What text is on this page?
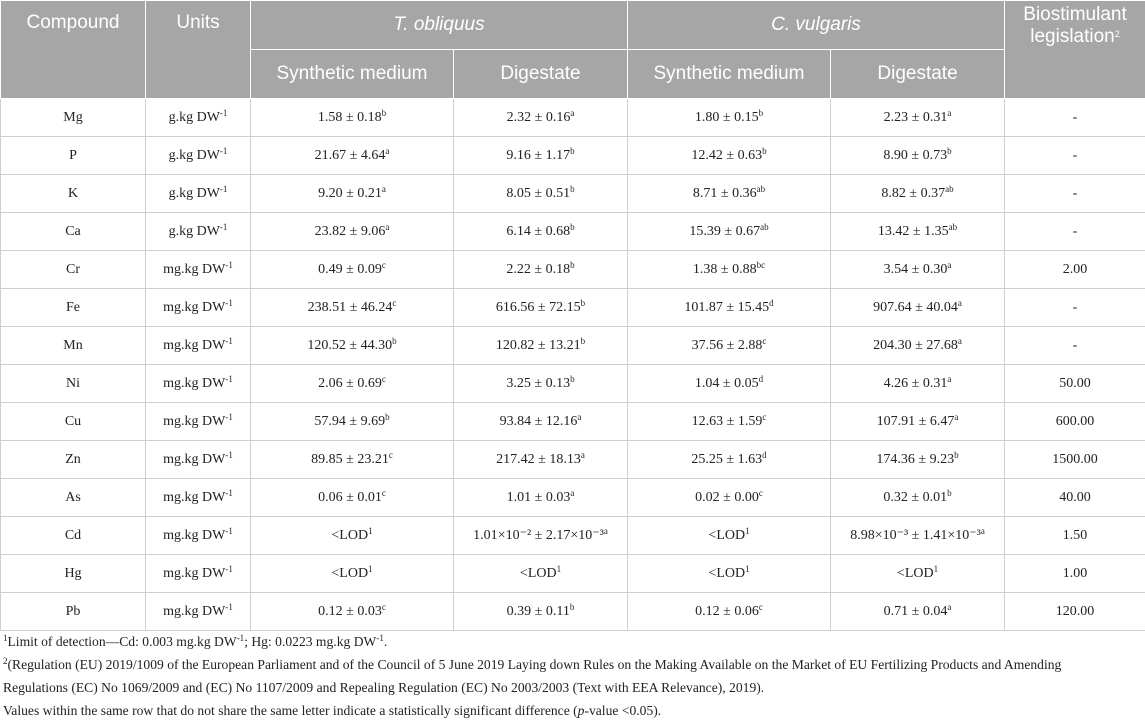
Compound	Units	T. obliquus		C. vulgaris		Biostimulant legislation$^2$

		Synthetic medium	Digestate	Synthetic medium	Digestate	
Mg	g.kg $DW^{-1}$	1.58 ± 0.18$^b$	2.32 ± 0.16$^a$	1.80 ± 0.15$^b$	2.23 ± 0.31$^a$	-
P	g.kg $DW^{-1}$	21.67 ± 4.64$^a$	9.16 ± 1.17$^b$	12.42 ± 0.63$^b$	8.90 ± 0.73$^b$	-
K	g.kg $DW^{-1}$	9.20 ± 0.21$^a$	8.05 ± 0.51$^b$	8.71 ± 0.36$^{ab}$	8.82 ± 0.37$^{ab}$	-
Ca	g.kg $DW^{-1}$	23.82 ± 9.06$^a$	6.14 ± 0.68$^b$	15.39 ± 0.67$^{ab}$	13.42 ± 1.35$^{ab}$	-
Cr	mg.kg $DW^{-1}$	0.49 ± 0.09$^c$	2.22 ± 0.18$^b$	1.38 ± 0.88$^{bc}$	3.54 ± 0.30$^a$	2.00
Fe	mg.kg $DW^{-1}$	238.51 ± 46.24$^c$	616.56 ± 72.15$^b$	101.87 ± 15.45$^d$	907.64 ± 40.04$^a$	-
Mn	mg.kg $DW^{-1}$	120.52 ± 44.30$^b$	120.82 ± 13.21$^b$	37.56 ± 2.88$^c$	204.30 ± 27.68$^a$	-
Ni	mg.kg $DW^{-1}$	2.06 ± 0.69$^c$	3.25 ± 0.13$^b$	1.04 ± 0.05$^d$	4.26 ± 0.31$^a$	50.00
Cu	mg.kg $DW^{-1}$	57.94 ± 9.69$^b$	93.84 ± 12.16$^a$	12.63 ± 1.59$^c$	107.91 ± 6.47$^a$	600.00
Zn	mg.kg $DW^{-1}$	89.85 ± 23.21$^c$	217.42 ± 18.13$^a$	25.25 ± 1.63$^d$	174.36 ± 9.23$^b$	1500.00
As	mg.kg $DW^{-1}$	0.06 ± 0.01$^c$	1.01 ± 0.03$^a$	0.02 ± 0.00$^c$	0.32 ± 0.01$^b$	40.00
Cd	mg.kg $DW^{-1}$	$<LOD^1$	1.01×10⁻² ± 2.17×10⁻³$^a$	$<LOD^1$	8.98×10⁻³ ± 1.41×10⁻³$^a$	1.50
Hg	mg.kg $DW^{-1}$	$<LOD^1$	$<LOD^1$	$<LOD^1$	$<LOD^1$	1.00
Pb	mg.kg $DW^{-1}$	0.12 ± 0.03$^c$	0.39 ± 0.11$^b$	0.12 ± 0.06$^c$	0.71 ± 0.04$^a$	120.00

$^1$Limit of detection—Cd: 0.003 mg.kg $DW^{-1}$; Hg: 0.0223 mg.kg $DW^{-1}$.

$^2$(Regulation (EU) 2019/1009 of the European Parliament and of the Council of 5 June 2019 Laying down Rules on the Making Available on the Market of EU Fertilizing Products and Amending

Regulations (EC) No 1069/2009 and (EC) No 1107/2009 and Repealing Regulation (EC) No 2003/2003 (Text with EEA Relevance), 2019).

Values within the same row that do not share the same letter indicate a statistically significant difference (p-value <0.05).
